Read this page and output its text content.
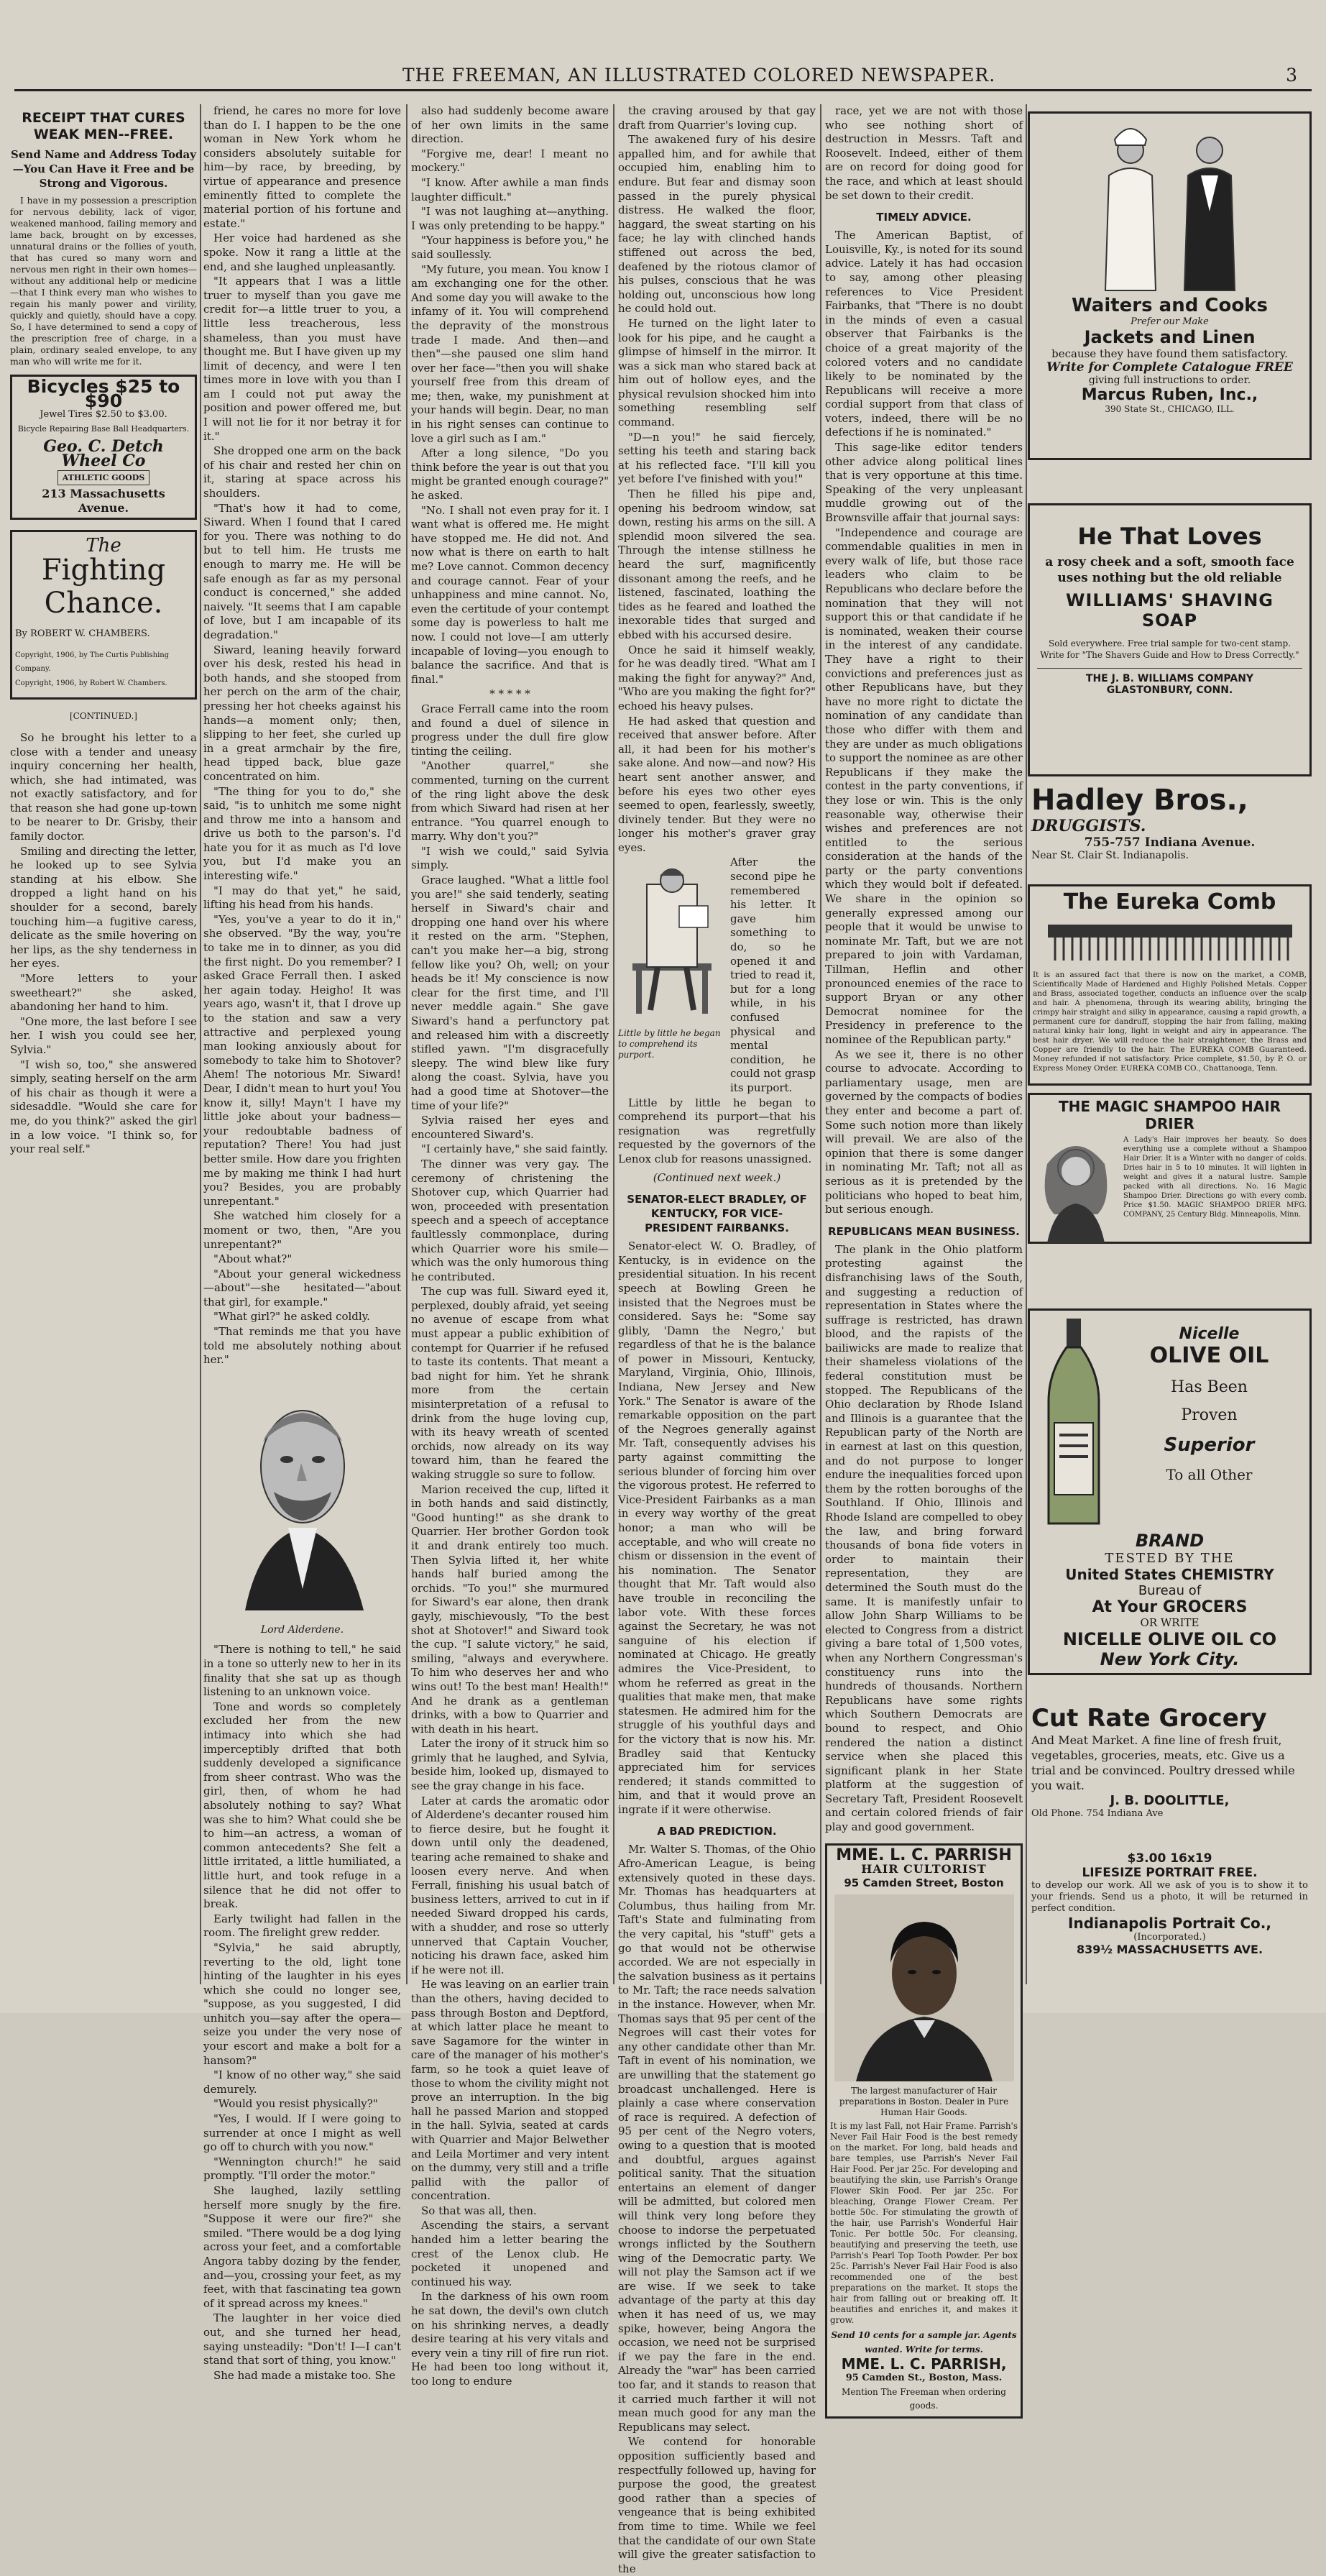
THE FREEMAN, AN ILLUSTRATED COLORED NEWSPAPER.	3
RECEIPT THAT CURES WEAK MEN--FREE.
Send Name and Address Today—You Can Have it Free and be Strong and Vigorous.

I have in my possession a prescription for nervous debility, lack of vigor, weakened manhood, failing memory and lame back, brought on by excesses, unnatural drains or the follies of youth, that has cured so many worn and nervous men right in their own homes—without any additional help or medicine—that I think every man who wishes to regain his manly power and virility, quickly and quietly, should have a copy. So, I have determined to send a copy of the prescription free of charge, in a plain, ordinary sealed envelope, to any man who will write me for it.

Bicycles $25 to $90
Jewel Tires $2.50 to $3.00.
Bicycle Repairing Base Ball Headquarters.
Geo. C. Detch Wheel Co
ATHLETIC GOODS
213 Massachusetts Avenue.
The
Fighting Chance.
By ROBERT W. CHAMBERS.
Copyright, 1906, by The Curtis Publishing Company.
Copyright, 1906, by Robert W. Chambers.
[CONTINUED.]

So he brought his letter to a close with a tender and uneasy inquiry concerning her health, which, she had intimated, was not exactly satisfactory, and for that reason she had gone up-town to be nearer to Dr. Grisby, their family doctor.

Smiling and directing the letter, he looked up to see Sylvia standing at his elbow. She dropped a light hand on his shoulder for a second, barely touching him—a fugitive caress, delicate as the smile hovering on her lips, as the shy tenderness in her eyes.

"More letters to your sweetheart?" she asked, abandoning her hand to him.

"One more, the last before I see her. I wish you could see her, Sylvia."

"I wish so, too," she answered simply, seating herself on the arm of his chair as though it were a sidesaddle. "Would she care for me, do you think?" asked the girl in a low voice. "I think so, for your real self."

friend, he cares no more for love than do I. I happen to be the one woman in New York whom he considers absolutely suitable for him—by race, by breeding, by virtue of appearance and presence eminently fitted to complete the material portion of his fortune and estate."

Her voice had hardened as she spoke. Now it rang a little at the end, and she laughed unpleasantly.

"It appears that I was a little truer to myself than you gave me credit for—a little truer to you, a little less treacherous, less shameless, than you must have thought me. But I have given up my limit of decency, and were I ten times more in love with you than I am I could not put away the position and power offered me, but I will not lie for it nor betray it for it."

She dropped one arm on the back of his chair and rested her chin on it, staring at space across his shoulders.

"That's how it had to come, Siward. When I found that I cared for you. There was nothing to do but to tell him. He trusts me enough to marry me. He will be safe enough as far as my personal conduct is concerned," she added naively. "It seems that I am capable of love, but I am incapable of its degradation."

Siward, leaning heavily forward over his desk, rested his head in both hands, and she stooped from her perch on the arm of the chair, pressing her hot cheeks against his hands—a moment only; then, slipping to her feet, she curled up in a great armchair by the fire, head tipped back, blue gaze concentrated on him.

"The thing for you to do," she said, "is to unhitch me some night and throw me into a hansom and drive us both to the parson's. I'd hate you for it as much as I'd love you, but I'd make you an interesting wife."

"I may do that yet," he said, lifting his head from his hands.

"Yes, you've a year to do it in," she observed. "By the way, you're to take me in to dinner, as you did the first night. Do you remember? I asked Grace Ferrall then. I asked her again today. Heigho! It was years ago, wasn't it, that I drove up to the station and saw a very attractive and perplexed young man looking anxiously about for somebody to take him to Shotover? Ahem! The notorious Mr. Siward! Dear, I didn't mean to hurt you! You know it, silly! Mayn't I have my little joke about your badness—your redoubtable badness of reputation? There! You had just better smile. How dare you frighten me by making me think I had hurt you? Besides, you are probably unrepentant."

She watched him closely for a moment or two, then, "Are you unrepentant?"

"About what?"

"About your general wickedness—about"—she hesitated—"about that girl, for example."

"What girl?" he asked coldly.

"That reminds me that you have told me absolutely nothing about her."

Lord Alderdene.

"There is nothing to tell," he said in a tone so utterly new to her in its finality that she sat up as though listening to an unknown voice.

Tone and words so completely excluded her from the new intimacy into which she had imperceptibly drifted that both suddenly developed a significance from sheer contrast. Who was the girl, then, of whom he had absolutely nothing to say? What was she to him? What could she be to him—an actress, a woman of common antecedents? She felt a little irritated, a little humiliated, a little hurt, and took refuge in a silence that he did not offer to break.

Early twilight had fallen in the room. The firelight grew redder.

"Sylvia," he said abruptly, reverting to the old, light tone hinting of the laughter in his eyes which she could no longer see, "suppose, as you suggested, I did unhitch you—say after the opera—seize you under the very nose of your escort and make a bolt for a hansom?"

"I know of no other way," she said demurely.

"Would you resist physically?"

"Yes, I would. If I were going to surrender at once I might as well go off to church with you now."

"Wennington church!" he said promptly. "I'll order the motor."

She laughed, lazily settling herself more snugly by the fire. "Suppose it were our fire?" she smiled. "There would be a dog lying across your feet, and a comfortable Angora tabby dozing by the fender, and—you, crossing your feet, as my feet, with that fascinating tea gown of it spread across my knees."

The laughter in her voice died out, and she turned her head, saying unsteadily: "Don't! I—I can't stand that sort of thing, you know."

She had made a mistake too. She

also had suddenly become aware of her own limits in the same direction.

"Forgive me, dear! I meant no mockery."

"I know. After awhile a man finds laughter difficult."

"I was not laughing at—anything. I was only pretending to be happy."

"Your happiness is before you," he said soullessly.

"My future, you mean. You know I am exchanging one for the other. And some day you will awake to the infamy of it. You will comprehend the depravity of the monstrous trade I made. And then—and then"—she paused one slim hand over her face—"then you will shake yourself free from this dream of me; then, wake, my punishment at your hands will begin. Dear, no man in his right senses can continue to love a girl such as I am."

After a long silence, "Do you think before the year is out that you might be granted enough courage?" he asked.

"No. I shall not even pray for it. I want what is offered me. He might have stopped me. He did not. And now what is there on earth to halt me? Love cannot. Common decency and courage cannot. Fear of your unhappiness and mine cannot. No, even the certitude of your contempt some day is powerless to halt me now. I could not love—I am utterly incapable of loving—you enough to balance the sacrifice. And that is final."

* * * * *

Grace Ferrall came into the room and found a duel of silence in progress under the dull fire glow tinting the ceiling.

"Another quarrel," she commented, turning on the current of the ring light above the desk from which Siward had risen at her entrance. "You quarrel enough to marry. Why don't you?"

"I wish we could," said Sylvia simply.

Grace laughed. "What a little fool you are!" she said tenderly, seating herself in Siward's chair and dropping one hand over his where it rested on the arm. "Stephen, can't you make her—a big, strong fellow like you? Oh, well; on your heads be it! My conscience is now clear for the first time, and I'll never meddle again." She gave Siward's hand a perfunctory pat and released him with a discreetly stifled yawn. "I'm disgracefully sleepy. The wind blew like fury along the coast. Sylvia, have you had a good time at Shotover—the time of your life?"

Sylvia raised her eyes and encountered Siward's.

"I certainly have," she said faintly.

The dinner was very gay. The ceremony of christening the Shotover cup, which Quarrier had won, proceeded with presentation speech and a speech of acceptance faultlessly commonplace, during which Quarrier wore his smile—which was the only humorous thing he contributed.

The cup was full. Siward eyed it, perplexed, doubly afraid, yet seeing no avenue of escape from what must appear a public exhibition of contempt for Quarrier if he refused to taste its contents. That meant a bad night for him. Yet he shrank more from the certain misinterpretation of a refusal to drink from the huge loving cup, with its heavy wreath of scented orchids, now already on its way toward him, than he feared the waking struggle so sure to follow.

Marion received the cup, lifted it in both hands and said distinctly, "Good hunting!" as she drank to Quarrier. Her brother Gordon took it and drank entirely too much. Then Sylvia lifted it, her white hands half buried among the orchids. "To you!" she murmured for Siward's ear alone, then drank gayly, mischievously, "To the best shot at Shotover!" and Siward took the cup. "I salute victory," he said, smiling, "always and everywhere. To him who deserves her and who wins out! To the best man! Health!" And he drank as a gentleman drinks, with a bow to Quarrier and with death in his heart.

Later the irony of it struck him so grimly that he laughed, and Sylvia, beside him, looked up, dismayed to see the gray change in his face.

Later at cards the aromatic odor of Alderdene's decanter roused him to fierce desire, but he fought it down until only the deadened, tearing ache remained to shake and loosen every nerve. And when Ferrall, finishing his usual batch of business letters, arrived to cut in if needed Siward dropped his cards, with a shudder, and rose so utterly unnerved that Captain Voucher, noticing his drawn face, asked him if he were not ill.

He was leaving on an earlier train than the others, having decided to pass through Boston and Deptford, at which latter place he meant to save Sagamore for the winter in care of the manager of his mother's farm, so he took a quiet leave of those to whom the civility might not prove an interruption. In the big hall he passed Marion and stopped in the hall. Sylvia, seated at cards with Quarrier and Major Belwether and Leila Mortimer and very intent on the dummy, very still and a trifle pallid with the pallor of concentration.

So that was all, then.

Ascending the stairs, a servant handed him a letter bearing the crest of the Lenox club. He pocketed it unopened and continued his way.

In the darkness of his own room he sat down, the devil's own clutch on his shrinking nerves, a deadly desire tearing at his very vitals and every vein a tiny rill of fire run riot. He had been too long without it, too long to endure

the craving aroused by that gay draft from Quarrier's loving cup.

The awakened fury of his desire appalled him, and for awhile that occupied him, enabling him to endure. But fear and dismay soon passed in the purely physical distress. He walked the floor, haggard, the sweat starting on his face; he lay with clinched hands stiffened out across the bed, deafened by the riotous clamor of his pulses, conscious that he was holding out, unconscious how long he could hold out.

He turned on the light later to look for his pipe, and he caught a glimpse of himself in the mirror. It was a sick man who stared back at him out of hollow eyes, and the physical revulsion shocked him into something resembling self command.

"D—n you!" he said fiercely, setting his teeth and staring back at his reflected face. "I'll kill you yet before I've finished with you!"

Then he filled his pipe and, opening his bedroom window, sat down, resting his arms on the sill. A splendid moon silvered the sea. Through the intense stillness he heard the surf, magnificently dissonant among the reefs, and he listened, fascinated, loathing the tides as he feared and loathed the inexorable tides that surged and ebbed with his accursed desire.

Once he said it himself weakly, for he was deadly tired. "What am I making the fight for anyway?" And, "Who are you making the fight for?" echoed his heavy pulses.

He had asked that question and received that answer before. After all, it had been for his mother's sake alone. And now—and now? His heart sent another answer, and before his eyes two other eyes seemed to open, fearlessly, sweetly, divinely tender. But they were no longer his mother's graver gray eyes.

Little by little he began to comprehend its purport.

After the second pipe he remembered his letter. It gave him something to do, so he opened it and tried to read it, but for a long while, in his confused physical and mental condition, he could not grasp its purport.

Little by little he began to comprehend its purport—that his resignation was regretfully requested by the governors of the Lenox club for reasons unassigned.

(Continued next week.)
SENATOR-ELECT BRADLEY, OF KENTUCKY, FOR VICE-PRESIDENT FAIRBANKS.

Senator-elect W. O. Bradley, of Kentucky, is in evidence on the presidential situation. In his recent speech at Bowling Green he insisted that the Negroes must be considered. Says he: "Some say glibly, 'Damn the Negro,' but regardless of that he is the balance of power in Missouri, Kentucky, Maryland, Virginia, Ohio, Illinois, Indiana, New Jersey and New York." The Senator is aware of the remarkable opposition on the part of the Negroes generally against Mr. Taft, consequently advises his party against committing the serious blunder of forcing him over the vigorous protest. He referred to Vice-President Fairbanks as a man in every way worthy of the great honor; a man who will be acceptable, and who will create no chism or dissension in the event of his nomination. The Senator thought that Mr. Taft would also have trouble in reconciling the labor vote. With these forces against the Secretary, he was not sanguine of his election if nominated at Chicago. He greatly admires the Vice-President, to whom he referred as great in the qualities that make men, that make statesmen. He admired him for the struggle of his youthful days and for the victory that is now his. Mr. Bradley said that Kentucky appreciated him for services rendered; it stands committed to him, and that it would prove an ingrate if it were otherwise.

A BAD PREDICTION.

Mr. Walter S. Thomas, of the Ohio Afro-American League, is being extensively quoted in these days. Mr. Thomas has headquarters at Columbus, thus hailing from Mr. Taft's State and fulminating from the very capital, his "stuff" gets a go that would not be otherwise accorded. We are not especially in the salvation business as it pertains to Mr. Taft; the race needs salvation in the instance. However, when Mr. Thomas says that 95 per cent of the Negroes will cast their votes for any other candidate other than Mr. Taft in event of his nomination, we are unwilling that the statement go broadcast unchallenged. Here is plainly a case where conservation of race is required. A defection of 95 per cent of the Negro voters, owing to a question that is mooted and doubtful, argues against political sanity. That the situation entertains an element of danger will be admitted, but colored men will think very long before they choose to indorse the perpetuated wrongs inflicted by the Southern wing of the Democratic party. We will not play the Samson act if we are wise. If we seek to take advantage of the party at this day when it has need of us, we may spike, however, being Angora the occasion, we need not be surprised if we pay the fare in the end. Already the "war" has been carried too far, and it stands to reason that it carried much farther it will not mean much good for any man the Republicans may select.

We contend for honorable opposition sufficiently based and respectfully followed up, having for purpose the good, the greatest good rather than a species of vengeance that is being exhibited from time to time. While we feel that the candidate of our own State will give the greater satisfaction to the

race, yet we are not with those who see nothing short of destruction in Messrs. Taft and Roosevelt. Indeed, either of them are on record for doing good for the race, and which at least should be set down to their credit.

TIMELY ADVICE.

The American Baptist, of Louisville, Ky., is noted for its sound advice. Lately it has had occasion to say, among other pleasing references to Vice President Fairbanks, that "There is no doubt in the minds of even a casual observer that Fairbanks is the choice of a great majority of the colored voters and no candidate likely to be nominated by the Republicans will receive a more cordial support from that class of voters, indeed, there will be no defections if he is nominated."

This sage-like editor tenders other advice along political lines that is very opportune at this time. Speaking of the very unpleasant muddle growing out of the Brownsville affair that journal says:

"Independence and courage are commendable qualities in men in every walk of life, but those race leaders who claim to be Republicans who declare before the nomination that they will not support this or that candidate if he is nominated, weaken their course in the interest of any candidate. They have a right to their convictions and preferences just as other Republicans have, but they have no more right to dictate the nomination of any candidate than those who differ with them and they are under as much obligations to support the nominee as are other Republicans if they make the contest in the party conventions, if they lose or win. This is the only reasonable way, otherwise their wishes and preferences are not entitled to the serious consideration at the hands of the party or the party conventions which they would bolt if defeated. We share in the opinion so generally expressed among our people that it would be unwise to nominate Mr. Taft, but we are not prepared to join with Vardaman, Tillman, Heflin and other pronounced enemies of the race to support Bryan or any other Democrat nominee for the Presidency in preference to the nominee of the Republican party."

As we see it, there is no other course to advocate. According to parliamentary usage, men are governed by the compacts of bodies they enter and become a part of. Some such notion more than likely will prevail. We are also of the opinion that there is some danger in nominating Mr. Taft; not all as serious as it is pretended by the politicians who hoped to beat him, but serious enough.

REPUBLICANS MEAN BUSINESS.

The plank in the Ohio platform protesting against the disfranchising laws of the South, and suggesting a reduction of representation in States where the suffrage is restricted, has drawn blood, and the rapists of the bailiwicks are made to realize that their shameless violations of the federal constitution must be stopped. The Republicans of the Ohio declaration by Rhode Island and Illinois is a guarantee that the Republican party of the North are in earnest at last on this question, and do not purpose to longer endure the inequalities forced upon them by the rotten boroughs of the Southland. If Ohio, Illinois and Rhode Island are compelled to obey the law, and bring forward thousands of bona fide voters in order to maintain their representation, they are determined the South must do the same. It is manifestly unfair to allow John Sharp Williams to be elected to Congress from a district giving a bare total of 1,500 votes, when any Northern Congressman's constituency runs into the hundreds of thousands. Northern Republicans have some rights which Southern Democrats are bound to respect, and Ohio rendered the nation a distinct service when she placed this significant plank in her State platform at the suggestion of Secretary Taft, President Roosevelt and certain colored friends of fair play and good government.

MME. L. C. PARRISH
HAIR CULTORIST
95 Camden Street, Boston
The largest manufacturer of Hair preparations in Boston. Dealer in Pure Human Hair Goods.
It is my last Fall, not Hair Frame. Parrish's Never Fail Hair Food is the best remedy on the market. For long, bald heads and bare temples, use Parrish's Never Fail Hair Food. Per jar 25c. For developing and beautifying the skin, use Parrish's Orange Flower Skin Food. Per jar 25c. For bleaching, Orange Flower Cream. Per bottle 50c. For stimulating the growth of the hair, use Parrish's Wonderful Hair Tonic. Per bottle 50c. For cleansing, beautifying and preserving the teeth, use Parrish's Pearl Top Tooth Powder. Per box 25c. Parrish's Never Fail Hair Food is also recommended one of the best preparations on the market. It stops the hair from falling out or breaking off. It beautifies and enriches it, and makes it grow.
Send 10 cents for a sample jar. Agents wanted. Write for terms.
MME. L. C. PARRISH,
95 Camden St., Boston, Mass.
Mention The Freeman when ordering goods.
Waiters and Cooks
Prefer our Make
Jackets and Linen
because they have found them satisfactory.
Write for Complete Catalogue FREE
giving full instructions to order.
Marcus Ruben, Inc.,
390 State St., CHICAGO, ILL.
He That Loves
a rosy cheek and a soft, smooth face uses nothing but the old reliable
WILLIAMS' SHAVING SOAP
Sold everywhere. Free trial sample for two-cent stamp. Write for "The Shavers Guide and How to Dress Correctly."
THE J. B. WILLIAMS COMPANY
GLASTONBURY, CONN.
Hadley Bros.,
DRUGGISTS.
755-757 Indiana Avenue.
Near St. Clair St. Indianapolis.
The Eureka Comb
It is an assured fact that there is now on the market, a COMB, Scientifically Made of Hardened and Highly Polished Metals. Copper and Brass, associated together, conducts an influence over the scalp and hair. A phenomena, through its wearing ability, bringing the crimpy hair straight and silky in appearance, causing a rapid growth, a permanent cure for dandruff, stopping the hair from falling, making natural kinky hair long, light in weight and airy in appearance. The best hair dryer. We will reduce the hair straightener, the Brass and Copper are friendly to the hair. The EUREKA COMB Guaranteed. Money refunded if not satisfactory. Price complete, $1.50, by P. O. or Express Money Order. EUREKA COMB CO., Chattanooga, Tenn.
THE MAGIC SHAMPOO HAIR DRIER
A Lady's Hair improves her beauty. So does everything use a complete without a Shampoo Hair Drier. It is a Winter with no danger of colds. Dries hair in 5 to 10 minutes. It will lighten in weight and gives it a natural lustre. Sample packed with all directions. No. 16 Magic Shampoo Drier. Directions go with every comb. Price $1.50. MAGIC SHAMPOO DRIER MFG. COMPANY, 25 Century Bldg. Minneapolis, Minn.
Nicelle
OLIVE OIL
Has Been
Proven
Superior
To all Other
BRAND
TESTED BY THE
United States CHEMISTRY
Bureau of
At Your GROCERS
OR WRITE
NICELLE OLIVE OIL CO
New York City.
Cut Rate Grocery
And Meat Market. A fine line of fresh fruit, vegetables, groceries, meats, etc. Give us a trial and be convinced. Poultry dressed while you wait.
J. B. DOOLITTLE,
Old Phone. 754 Indiana Ave
$3.00 16x19
LIFESIZE PORTRAIT FREE.
to develop our work. All we ask of you is to show it to your friends. Send us a photo, it will be returned in perfect condition.
Indianapolis Portrait Co.,
(Incorporated.)
839½ MASSACHUSETTS AVE.
